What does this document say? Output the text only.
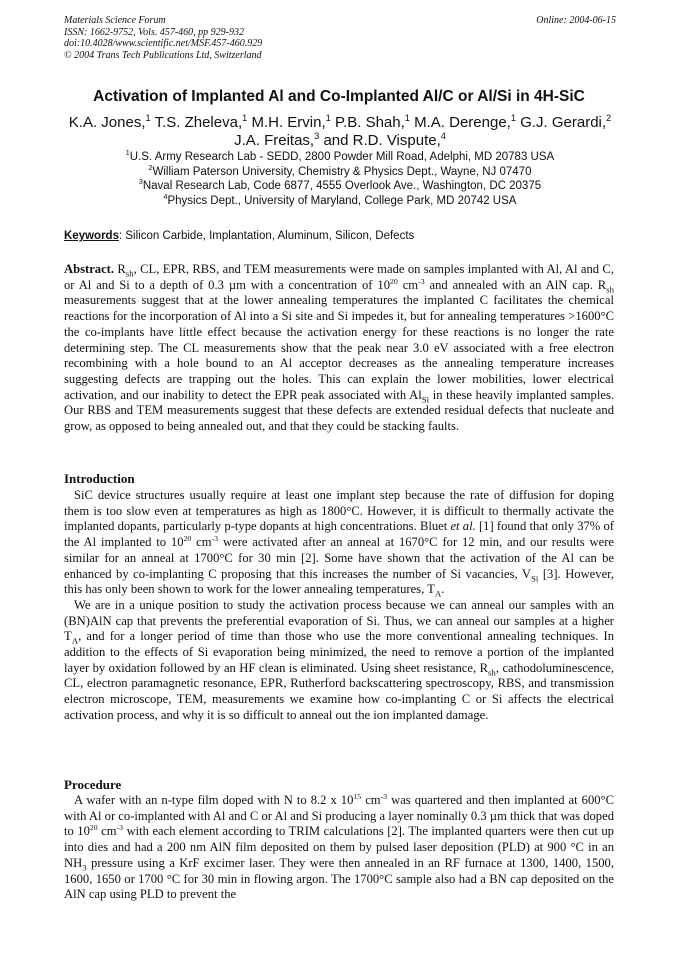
Materials Science Forum
ISSN: 1662-9752, Vols. 457-460, pp 929-932
doi:10.4028/www.scientific.net/MSF.457-460.929
© 2004 Trans Tech Publications Ltd, Switzerland
Online: 2004-06-15
Activation of Implanted Al and Co-Implanted Al/C or Al/Si in 4H-SiC
K.A. Jones,$^1$ T.S. Zheleva,$^1$ M.H. Ervin,$^1$ P.B. Shah,$^1$ M.A. Derenge,$^1$ G.J. Gerardi,$^2$ J.A. Freitas,$^3$ and R.D. Vispute,$^4$
$^1$U.S. Army Research Lab - SEDD, 2800 Powder Mill Road, Adelphi, MD 20783 USA
$^2$William Paterson University, Chemistry & Physics Dept., Wayne, NJ 07470
$^3$Naval Research Lab, Code 6877, 4555 Overlook Ave., Washington, DC 20375
$^4$Physics Dept., University of Maryland, College Park, MD 20742 USA
Keywords: Silicon Carbide, Implantation, Aluminum, Silicon, Defects

Abstract. $R_{sh}$, CL, EPR, RBS, and TEM measurements were made on samples implanted with Al, Al and C, or Al and Si to a depth of 0.3 µm with a concentration of $10^{20}$ $cm^{-3}$ and annealed with an AlN cap. $R_{sh}$ measurements suggest that at the lower annealing temperatures the implanted C facilitates the chemical reactions for the incorporation of Al into a Si site and Si impedes it, but for annealing temperatures >1600°C the co-implants have little effect because the activation energy for these reactions is no longer the rate determining step. The CL measurements show that the peak near 3.0 eV associated with a free electron recombining with a hole bound to an Al acceptor decreases as the annealing temperature increases suggesting defects are trapping out the holes. This can explain the lower mobilities, lower electrical activation, and our inability to detect the EPR peak associated with $Al_{Si}$ in these heavily implanted samples. Our RBS and TEM measurements suggest that these defects are extended residual defects that nucleate and grow, as opposed to being annealed out, and that they could be stacking faults.

Introduction

SiC device structures usually require at least one implant step because the rate of diffusion for doping them is too slow even at temperatures as high as 1800°C. However, it is difficult to thermally activate the implanted dopants, particularly p-type dopants at high concentrations. Bluet et al. [1] found that only 37% of the Al implanted to $10^{20}$ $cm^{-3}$ were activated after an anneal at 1670°C for 12 min, and our results were similar for an anneal at 1700°C for 30 min [2]. Some have shown that the activation of the Al can be enhanced by co-implanting C proposing that this increases the number of Si vacancies, $V_{Si}$ [3]. However, this has only been shown to work for the lower annealing temperatures, $T_A$.

We are in a unique position to study the activation process because we can anneal our samples with an (BN)AlN cap that prevents the preferential evaporation of Si. Thus, we can anneal our samples at a higher $T_A$, and for a longer period of time than those who use the more conventional annealing techniques. In addition to the effects of Si evaporation being minimized, the need to remove a portion of the implanted layer by oxidation followed by an HF clean is eliminated. Using sheet resistance, $R_{sh}$, cathodoluminescence, CL, electron paramagnetic resonance, EPR, Rutherford backscattering spectroscopy, RBS, and transmission electron microscope, TEM, measurements we examine how co-implanting C or Si affects the electrical activation process, and why it is so difficult to anneal out the ion implanted damage.

Procedure

A wafer with an n-type film doped with N to 8.2 x $10^{15}$ $cm^{-3}$ was quartered and then implanted at 600°C with Al or co-implanted with Al and C or Al and Si producing a layer nominally 0.3 µm thick that was doped to $10^{20}$ $cm^{-3}$ with each element according to TRIM calculations [2]. The implanted quarters were then cut up into dies and had a 200 nm AlN film deposited on them by pulsed laser deposition (PLD) at 900 °C in an $NH_3$ pressure using a KrF excimer laser. They were then annealed in an RF furnace at 1300, 1400, 1500, 1600, 1650 or 1700 °C for 30 min in flowing argon. The 1700°C sample also had a BN cap deposited on the AlN cap using PLD to prevent the
